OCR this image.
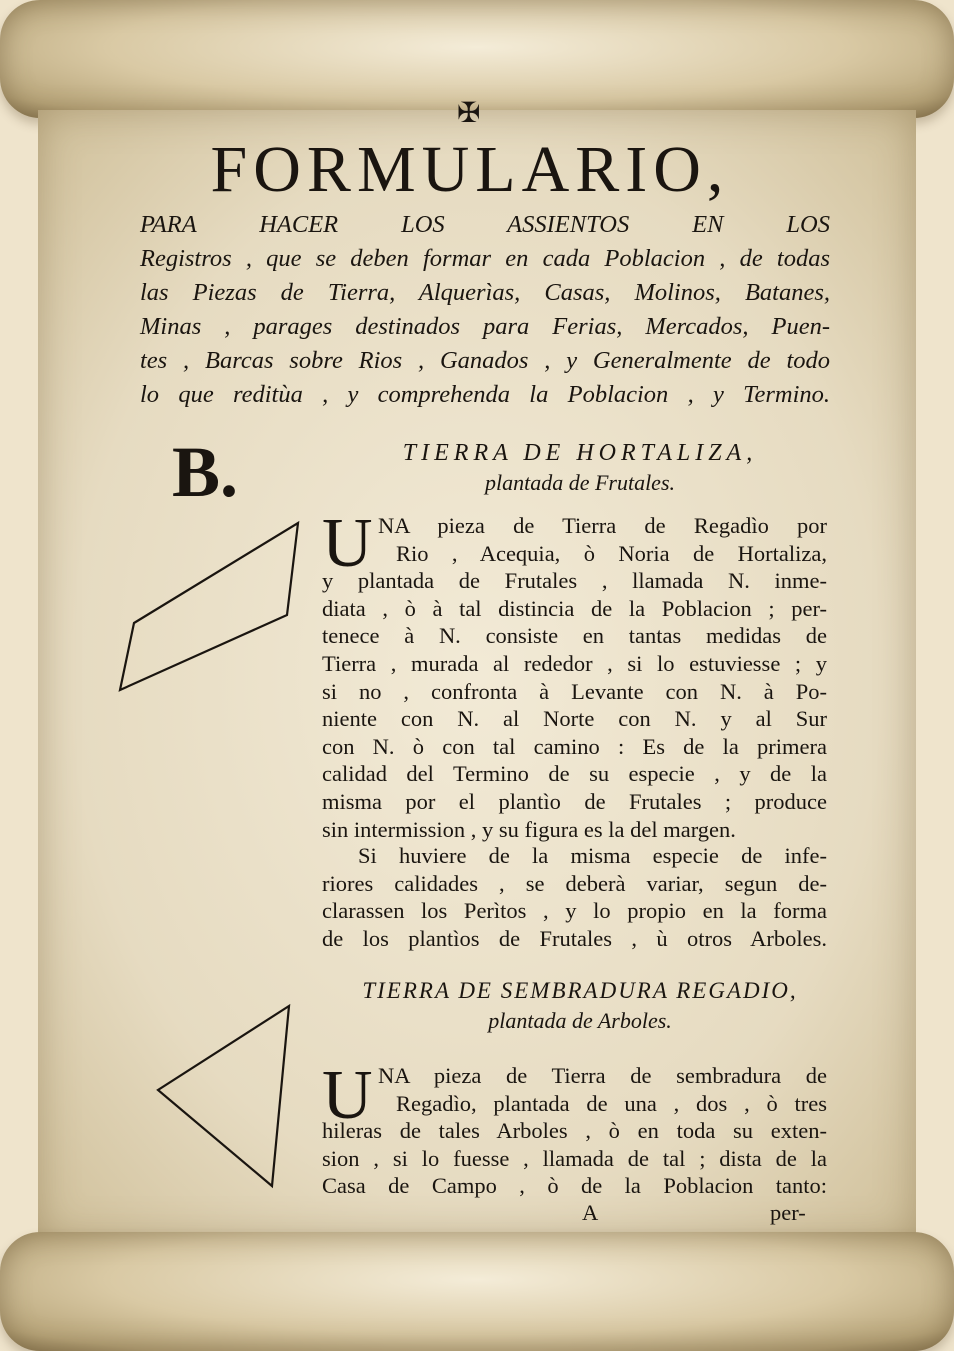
✠
FORMULARIO,
PARA HACER LOS ASSIENTOS EN LOS
Registros , que se deben formar en cada Poblacion , de todas
las Piezas de Tierra, Alquerìas, Casas, Molinos, Batanes,
Minas , parages destinados para Ferias, Mercados, Puen-
tes , Barcas sobre Rios , Ganados , y Generalmente de todo
lo que reditùa , y comprehenda la Poblacion , y Termino.
B.	TIERRA DE HORTALIZA,
plantada de Frutales.
U NA pieza de Tierra de Regadìo por
Rio , Acequia, ò Noria de Hortaliza,
y plantada de Frutales , llamada N. inme-
diata , ò à tal distincia de la Poblacion ; per-
tenece à N. consiste en tantas medidas de
Tierra , murada al rededor , si lo estuviesse ; y
si no , confronta à Levante con N. à Po-
niente con N. al Norte con N. y al Sur
con N. ò con tal camino : Es de la primera
calidad del Termino de su especie , y de la
misma por el plantìo de Frutales ; produce
sin intermission , y su figura es la del margen.
Si huviere de la misma especie de infe-
riores calidades , se deberà variar, segun de-
clarassen los Perìtos , y lo propio en la forma
de los plantìos de Frutales , ù otros Arboles.
TIERRA DE SEMBRADURA REGADIO,
plantada de Arboles.
U NA pieza de Tierra de sembradura de
Regadìo, plantada de una , dos , ò tres
hileras de tales Arboles , ò en toda su exten-
sion , si lo fuesse , llamada de tal ; dista de la
Casa de Campo , ò de la Poblacion tanto:
A	per-
